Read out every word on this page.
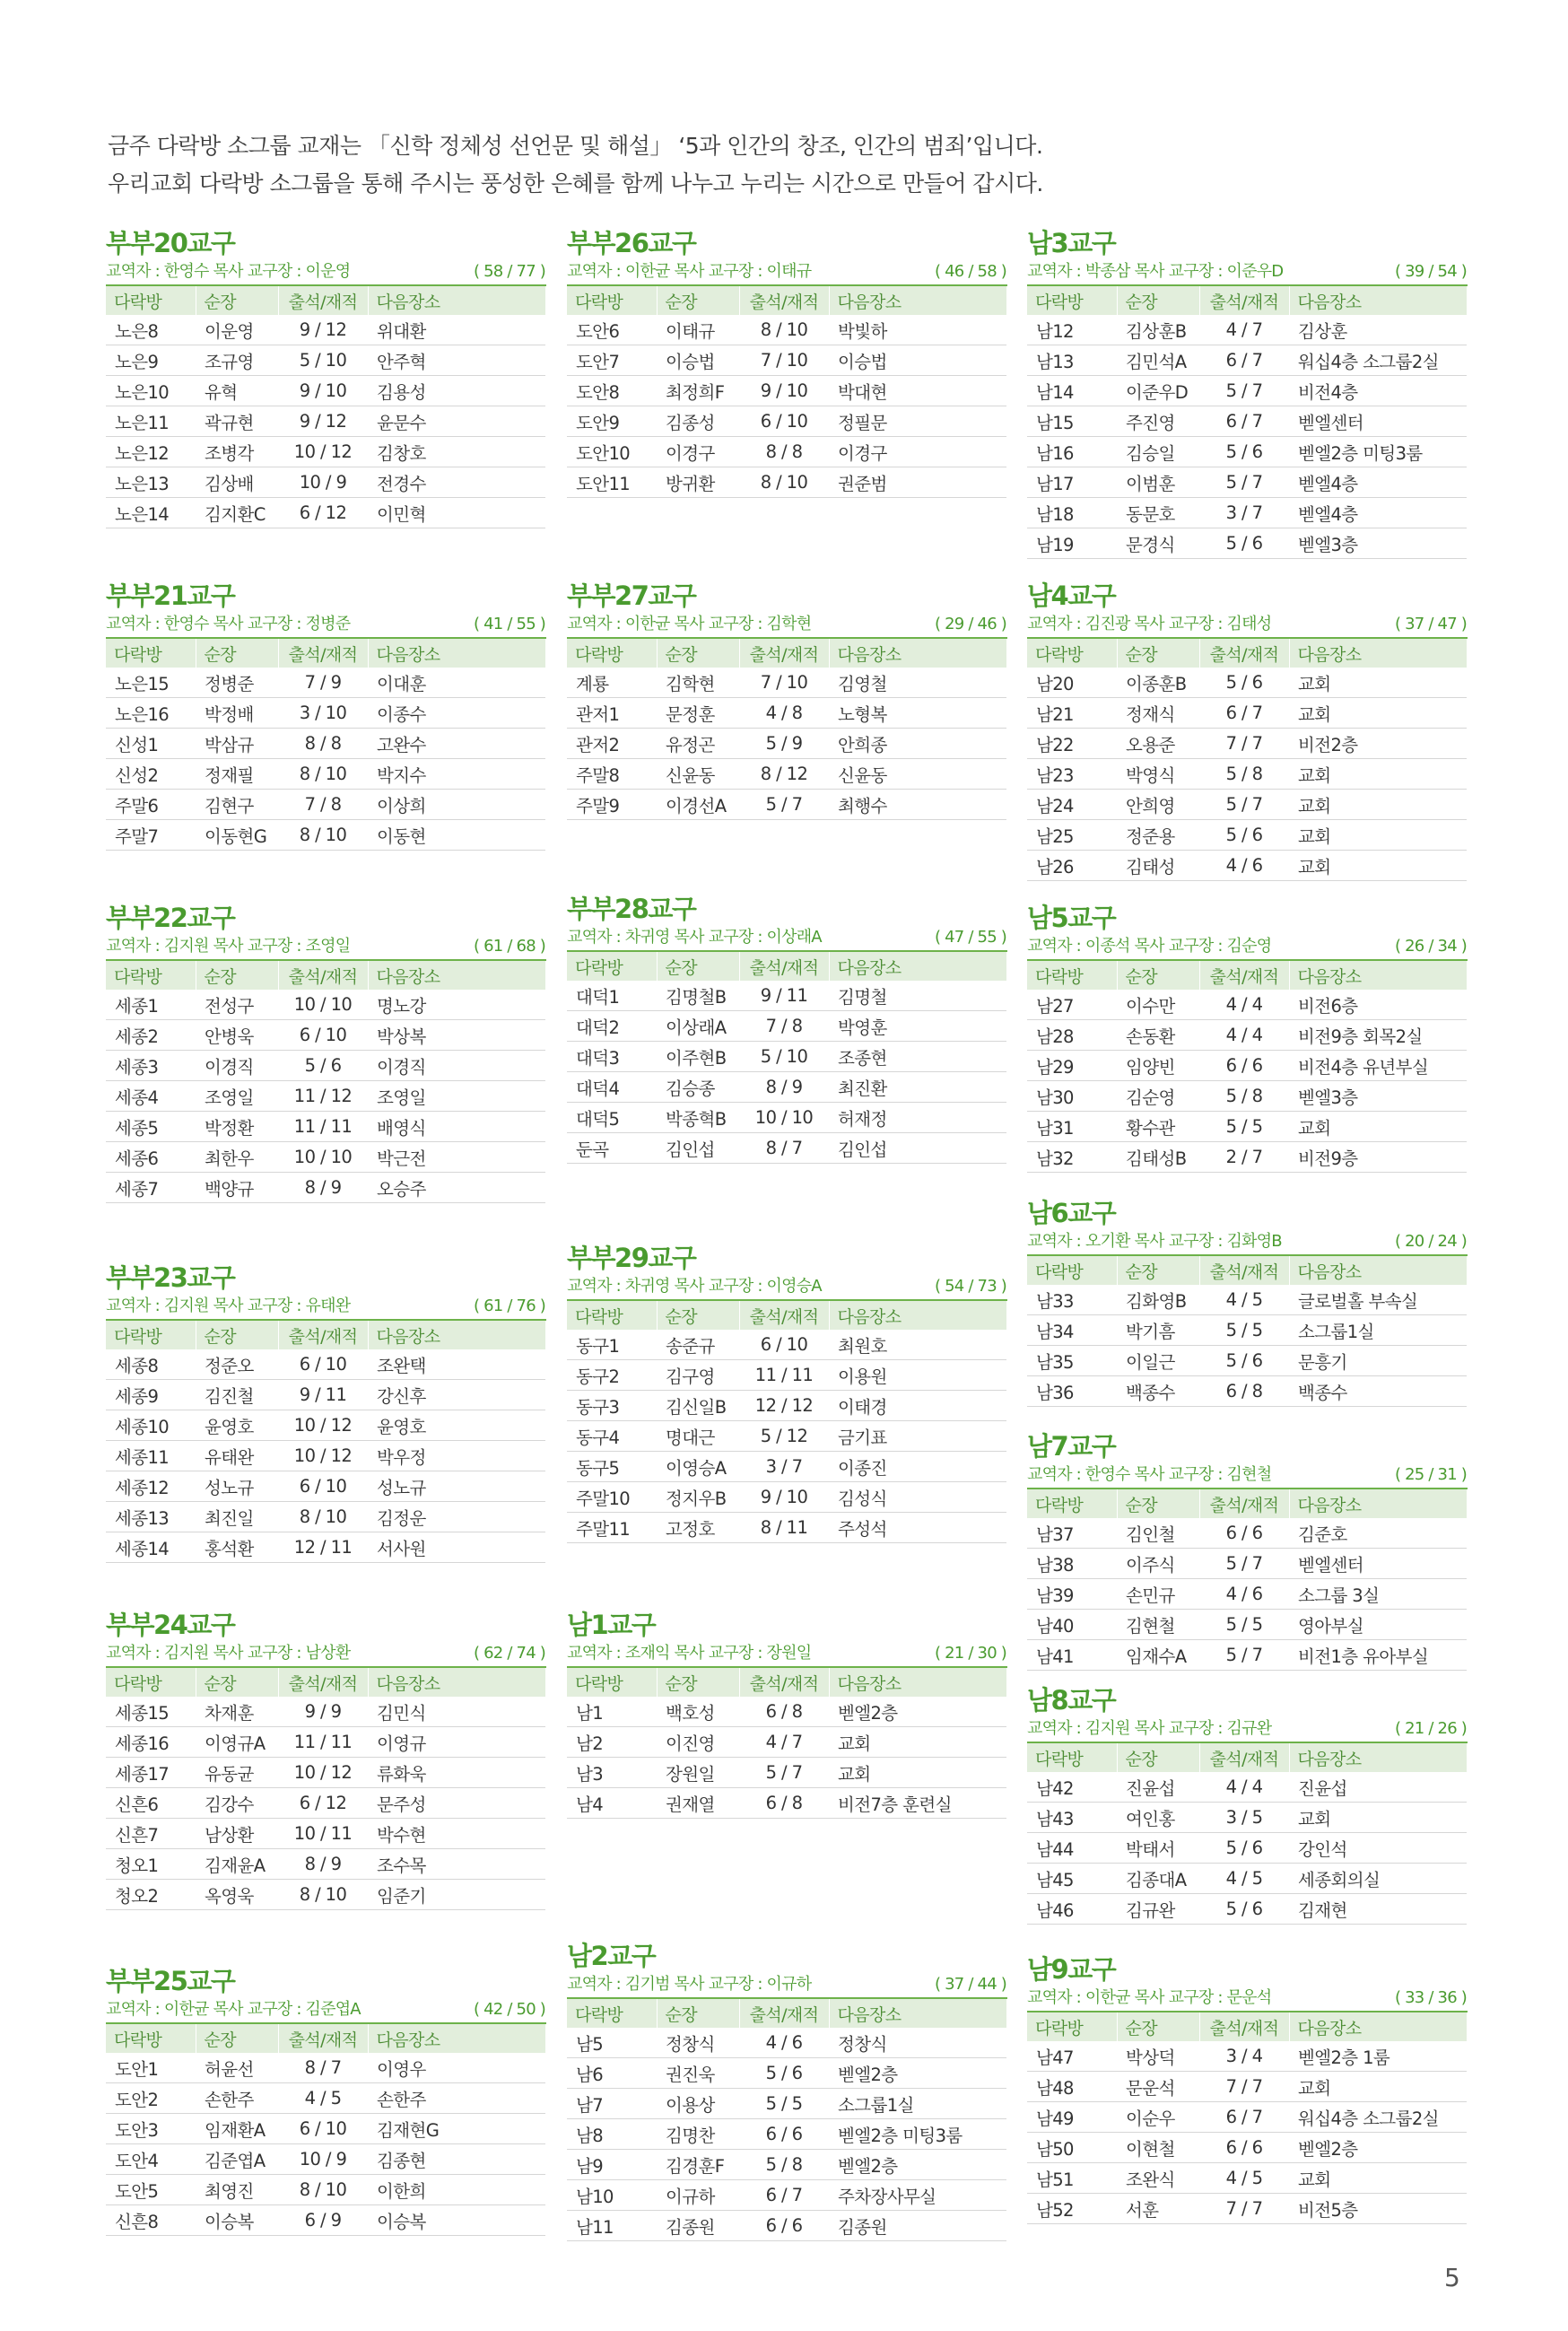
금주 다락방 소그룹 교재는 「신학 정체성 선언문 및 해설」 ‘5과 인간의 창조, 인간의 범죄’입니다.

우리교회 다락방 소그룹을 통해 주시는 풍성한 은혜를 함께 나누고 누리는 시간으로 만들어 갑시다.

부부20교구
교역자 : 한영수 목사 교구장 : 이운영	( 58 / 77 )
다락방	순장	출석/재적	다음장소
노은8	이운영	9 / 12	위대환
노은9	조규영	5 / 10	안주혁
노은10	유혁	9 / 10	김용성
노은11	곽규현	9 / 12	윤문수
노은12	조병각	10 / 12	김창호
노은13	김상배	10 / 9	전경수
노은14	김지환C	6 / 12	이민혁
부부21교구
교역자 : 한영수 목사 교구장 : 정병준	( 41 / 55 )
다락방	순장	출석/재적	다음장소
노은15	정병준	7 / 9	이대훈
노은16	박정배	3 / 10	이종수
신성1	박삼규	8 / 8	고완수
신성2	정재필	8 / 10	박지수
주말6	김현구	7 / 8	이상희
주말7	이동현G	8 / 10	이동현
부부22교구
교역자 : 김지원 목사 교구장 : 조영일	( 61 / 68 )
다락방	순장	출석/재적	다음장소
세종1	전성구	10 / 10	명노강
세종2	안병욱	6 / 10	박상복
세종3	이경직	5 / 6	이경직
세종4	조영일	11 / 12	조영일
세종5	박정환	11 / 11	배영식
세종6	최한우	10 / 10	박근전
세종7	백양규	8 / 9	오승주
부부23교구
교역자 : 김지원 목사 교구장 : 유태완	( 61 / 76 )
다락방	순장	출석/재적	다음장소
세종8	정준오	6 / 10	조완택
세종9	김진철	9 / 11	강신후
세종10	윤영호	10 / 12	윤영호
세종11	유태완	10 / 12	박우정
세종12	성노규	6 / 10	성노규
세종13	최진일	8 / 10	김정운
세종14	홍석환	12 / 11	서사원
부부24교구
교역자 : 김지원 목사 교구장 : 남상환	( 62 / 74 )
다락방	순장	출석/재적	다음장소
세종15	차재훈	9 / 9	김민식
세종16	이영규A	11 / 11	이영규
세종17	유동균	10 / 12	류화욱
신흔6	김강수	6 / 12	문주성
신흔7	남상환	10 / 11	박수현
청오1	김재윤A	8 / 9	조수목
청오2	옥영욱	8 / 10	임준기
부부25교구
교역자 : 이한균 목사 교구장 : 김준엽A	( 42 / 50 )
다락방	순장	출석/재적	다음장소
도안1	허윤선	8 / 7	이영우
도안2	손한주	4 / 5	손한주
도안3	임재환A	6 / 10	김재현G
도안4	김준엽A	10 / 9	김종현
도안5	최영진	8 / 10	이한희
신흔8	이승복	6 / 9	이승복
부부26교구
교역자 : 이한균 목사 교구장 : 이태규	( 46 / 58 )
다락방	순장	출석/재적	다음장소
도안6	이태규	8 / 10	박빛하
도안7	이승법	7 / 10	이승법
도안8	최정희F	9 / 10	박대현
도안9	김종성	6 / 10	정필문
도안10	이경구	8 / 8	이경구
도안11	방귀환	8 / 10	권준범
부부27교구
교역자 : 이한균 목사 교구장 : 김학현	( 29 / 46 )
다락방	순장	출석/재적	다음장소
계룡	김학현	7 / 10	김영철
관저1	문정훈	4 / 8	노형복
관저2	유정곤	5 / 9	안희종
주말8	신윤동	8 / 12	신윤동
주말9	이경선A	5 / 7	최행수
부부28교구
교역자 : 차귀영 목사 교구장 : 이상래A	( 47 / 55 )
다락방	순장	출석/재적	다음장소
대덕1	김명철B	9 / 11	김명철
대덕2	이상래A	7 / 8	박영훈
대덕3	이주현B	5 / 10	조종현
대덕4	김승종	8 / 9	최진환
대덕5	박종혁B	10 / 10	허재정
둔곡	김인섭	8 / 7	김인섭
부부29교구
교역자 : 차귀영 목사 교구장 : 이영승A	( 54 / 73 )
다락방	순장	출석/재적	다음장소
동구1	송준규	6 / 10	최원호
동구2	김구영	11 / 11	이용원
동구3	김신일B	12 / 12	이태경
동구4	명대근	5 / 12	금기표
동구5	이영승A	3 / 7	이종진
주말10	정지우B	9 / 10	김성식
주말11	고정호	8 / 11	주성석
남1교구
교역자 : 조재익 목사 교구장 : 장원일	( 21 / 30 )
다락방	순장	출석/재적	다음장소
남1	백호성	6 / 8	벧엘2층
남2	이진영	4 / 7	교회
남3	장원일	5 / 7	교회
남4	권재열	6 / 8	비전7층 훈련실
남2교구
교역자 : 김기범 목사 교구장 : 이규하	( 37 / 44 )
다락방	순장	출석/재적	다음장소
남5	정창식	4 / 6	정창식
남6	권진욱	5 / 6	벧엘2층
남7	이용상	5 / 5	소그룹1실
남8	김명찬	6 / 6	벧엘2층 미팅3룸
남9	김경훈F	5 / 8	벧엘2층
남10	이규하	6 / 7	주차장사무실
남11	김종원	6 / 6	김종원
남3교구
교역자 : 박종삼 목사 교구장 : 이준우D	( 39 / 54 )
다락방	순장	출석/재적	다음장소
남12	김상훈B	4 / 7	김상훈
남13	김민석A	6 / 7	워십4층 소그룹2실
남14	이준우D	5 / 7	비전4층
남15	주진영	6 / 7	벧엘센터
남16	김승일	5 / 6	벧엘2층 미팅3룸
남17	이범훈	5 / 7	벧엘4층
남18	동문호	3 / 7	벧엘4층
남19	문경식	5 / 6	벧엘3층
남4교구
교역자 : 김진광 목사 교구장 : 김태성	( 37 / 47 )
다락방	순장	출석/재적	다음장소
남20	이종훈B	5 / 6	교회
남21	정재식	6 / 7	교회
남22	오용준	7 / 7	비전2층
남23	박영식	5 / 8	교회
남24	안희영	5 / 7	교회
남25	정준용	5 / 6	교회
남26	김태성	4 / 6	교회
남5교구
교역자 : 이종석 목사 교구장 : 김순영	( 26 / 34 )
다락방	순장	출석/재적	다음장소
남27	이수만	4 / 4	비전6층
남28	손동환	4 / 4	비전9층 회목2실
남29	임양빈	6 / 6	비전4층 유년부실
남30	김순영	5 / 8	벧엘3층
남31	황수관	5 / 5	교회
남32	김태성B	2 / 7	비전9층
남6교구
교역자 : 오기환 목사 교구장 : 김화영B	( 20 / 24 )
다락방	순장	출석/재적	다음장소
남33	김화영B	4 / 5	글로벌홀 부속실
남34	박기흠	5 / 5	소그룹1실
남35	이일근	5 / 6	문흥기
남36	백종수	6 / 8	백종수
남7교구
교역자 : 한영수 목사 교구장 : 김현철	( 25 / 31 )
다락방	순장	출석/재적	다음장소
남37	김인철	6 / 6	김준호
남38	이주식	5 / 7	벧엘센터
남39	손민규	4 / 6	소그룹 3실
남40	김현철	5 / 5	영아부실
남41	임재수A	5 / 7	비전1층 유아부실
남8교구
교역자 : 김지원 목사 교구장 : 김규완	( 21 / 26 )
다락방	순장	출석/재적	다음장소
남42	진윤섭	4 / 4	진윤섭
남43	여인홍	3 / 5	교회
남44	박태서	5 / 6	강인석
남45	김종대A	4 / 5	세종회의실
남46	김규완	5 / 6	김재현
남9교구
교역자 : 이한균 목사 교구장 : 문운석	( 33 / 36 )
다락방	순장	출석/재적	다음장소
남47	박상덕	3 / 4	벧엘2층 1룸
남48	문운석	7 / 7	교회
남49	이순우	6 / 7	워십4층 소그룹2실
남50	이현철	6 / 6	벧엘2층
남51	조완식	4 / 5	교회
남52	서훈	7 / 7	비전5층
5
